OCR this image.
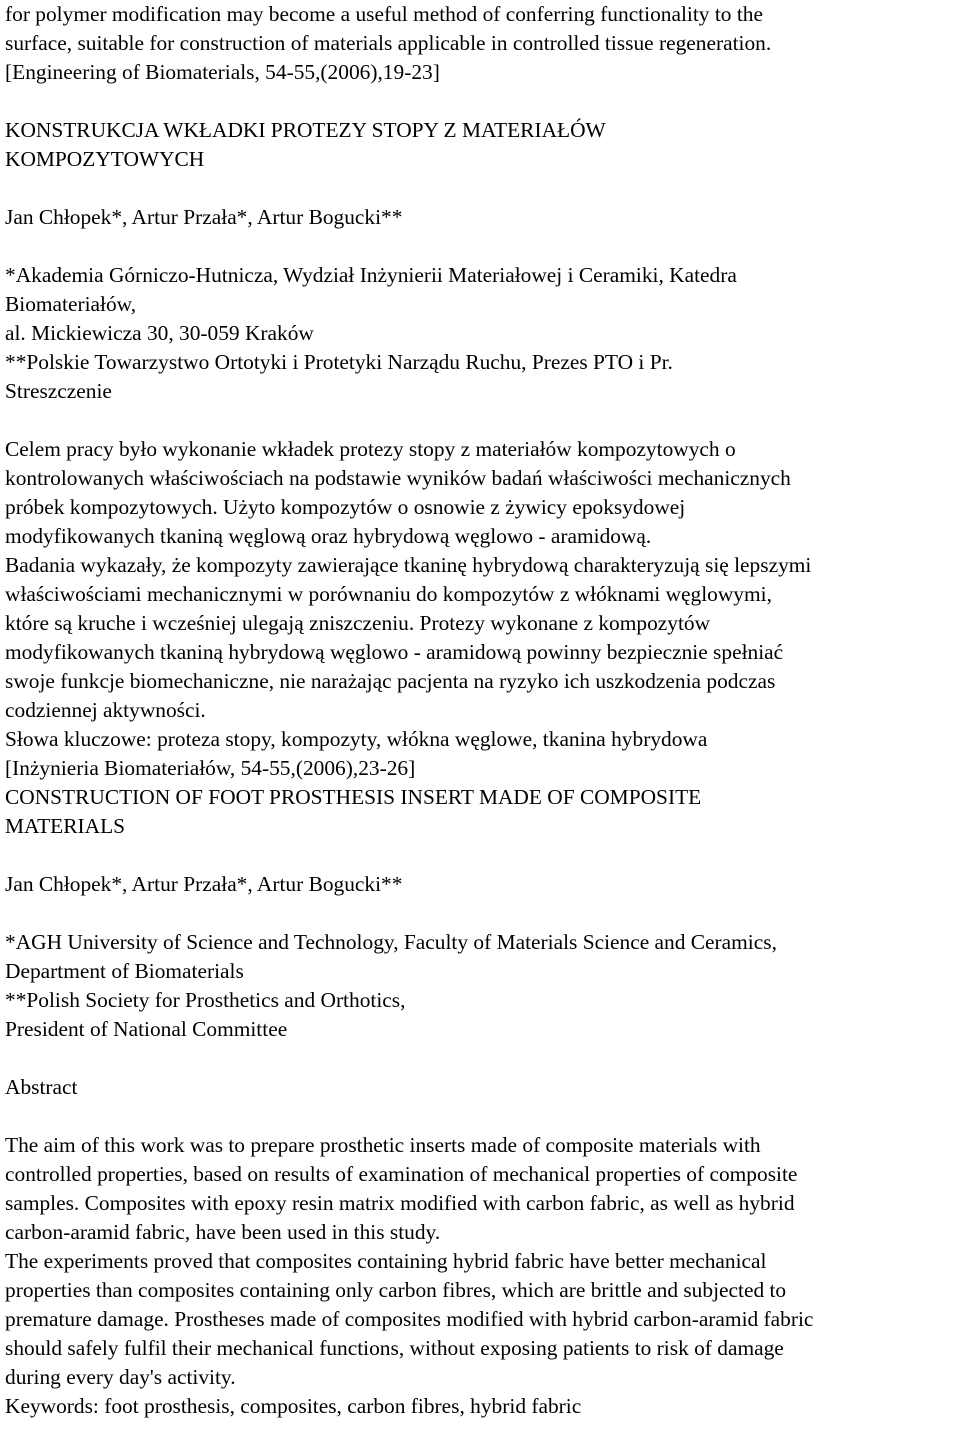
for polymer modification may become a useful method of conferring functionality to the
surface, suitable for construction of materials applicable in controlled tissue regeneration.
[Engineering of Biomaterials, 54-55,(2006),19-23]
KONSTRUKCJA WKŁADKI PROTEZY STOPY Z MATERIAŁÓW
KOMPOZYTOWYCH
Jan Chłopek*, Artur Przała*, Artur Bogucki**
*Akademia Górniczo-Hutnicza, Wydział Inżynierii Materiałowej i Ceramiki, Katedra
Biomateriałów,
al. Mickiewicza 30, 30-059 Kraków
**Polskie Towarzystwo Ortotyki i Protetyki Narządu Ruchu, Prezes PTO i Pr.
Streszczenie
Celem pracy było wykonanie wkładek protezy stopy z materiałów kompozytowych o
kontrolowanych właściwościach na podstawie wyników badań właściwości mechanicznych
próbek kompozytowych. Użyto kompozytów o osnowie z żywicy epoksydowej
modyfikowanych tkaniną węglową oraz hybrydową węglowo - aramidową.
Badania wykazały, że kompozyty zawierające tkaninę hybrydową charakteryzują się lepszymi
właściwościami mechanicznymi w porównaniu do kompozytów z włóknami węglowymi,
które są kruche i wcześniej ulegają zniszczeniu. Protezy wykonane z kompozytów
modyfikowanych tkaniną hybrydową węglowo - aramidową powinny bezpiecznie spełniać
swoje funkcje biomechaniczne, nie narażając pacjenta na ryzyko ich uszkodzenia podczas
codziennej aktywności.
Słowa kluczowe: proteza stopy, kompozyty, włókna węglowe, tkanina hybrydowa
[Inżynieria Biomateriałów, 54-55,(2006),23-26]
CONSTRUCTION OF FOOT PROSTHESIS INSERT MADE OF COMPOSITE
MATERIALS
Jan Chłopek*, Artur Przała*, Artur Bogucki**
*AGH University of Science and Technology, Faculty of Materials Science and Ceramics,
Department of Biomaterials
**Polish Society for Prosthetics and Orthotics,
President of National Committee
Abstract
The aim of this work was to prepare prosthetic inserts made of composite materials with
controlled properties, based on results of examination of mechanical properties of composite
samples. Composites with epoxy resin matrix modified with carbon fabric, as well as hybrid
carbon-aramid fabric, have been used in this study.
The experiments proved that composites containing hybrid fabric have better mechanical
properties than composites containing only carbon fibres, which are brittle and subjected to
premature damage. Prostheses made of composites modified with hybrid carbon-aramid fabric
should safely fulfil their mechanical functions, without exposing patients to risk of damage
during every day's activity.
Keywords: foot prosthesis, composites, carbon fibres, hybrid fabric
